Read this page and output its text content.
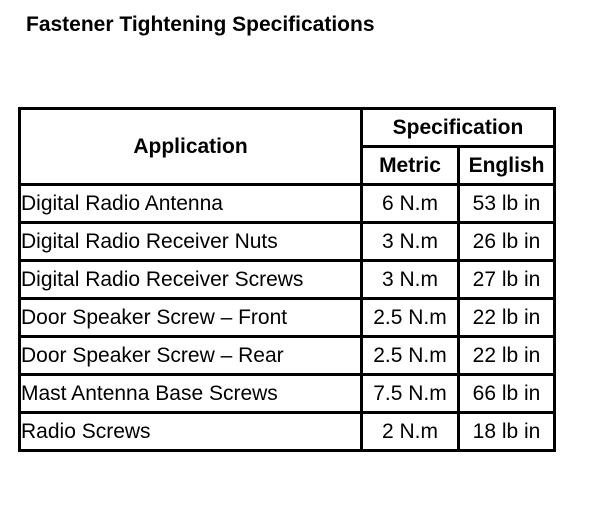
Fastener Tightening Specifications
Application	Specification	
	Metric	English
Digital Radio Antenna	6 N.m	53 lb in
Digital Radio Receiver Nuts	3 N.m	26 lb in
Digital Radio Receiver Screws	3 N.m	27 lb in
Door Speaker Screw – Front	2.5 N.m	22 lb in
Door Speaker Screw – Rear	2.5 N.m	22 lb in
Mast Antenna Base Screws	7.5 N.m	66 lb in
Radio Screws	2 N.m	18 lb in
